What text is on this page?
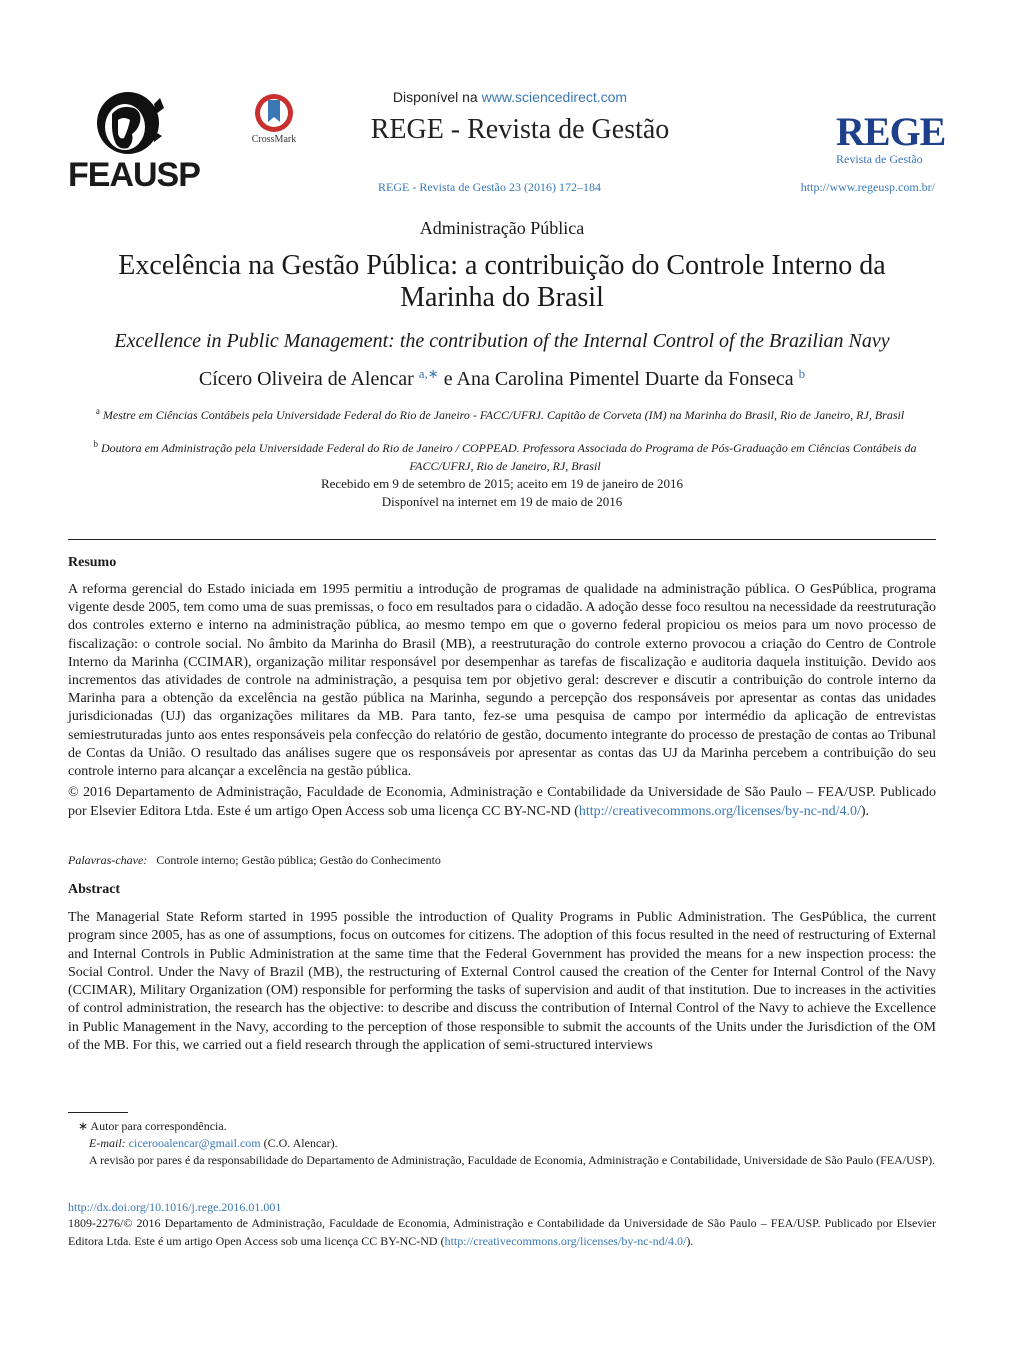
FEAUSP
CrossMark
Disponível na www.sciencedirect.com
REGE - Revista de Gestão
REGE - Revista de Gestão 23 (2016) 172–184	http://www.regeusp.com.br/
REGE
Revista de Gestão
Administração Pública
Excelência na Gestão Pública: a contribuição do Controle Interno da Marinha do Brasil
Excellence in Public Management: the contribution of the Internal Control of the Brazilian Navy
Cícero Oliveira de Alencar $^{a,∗}$ e Ana Carolina Pimentel Duarte da Fonseca $^b$
$^a$ Mestre em Ciências Contábeis pela Universidade Federal do Rio de Janeiro - FACC/UFRJ. Capitão de Corveta (IM) na Marinha do Brasil, Rio de Janeiro, RJ, Brasil
$^b$ Doutora em Administração pela Universidade Federal do Rio de Janeiro / COPPEAD. Professora Associada do Programa de Pós-Graduação em Ciências Contábeis da FACC/UFRJ, Rio de Janeiro, RJ, Brasil
Recebido em 9 de setembro de 2015; aceito em 19 de janeiro de 2016
Disponível na internet em 19 de maio de 2016
Resumo
A reforma gerencial do Estado iniciada em 1995 permitiu a introdução de programas de qualidade na administração pública. O GesPública, programa vigente desde 2005, tem como uma de suas premissas, o foco em resultados para o cidadão. A adoção desse foco resultou na necessidade da reestruturação dos controles externo e interno na administração pública, ao mesmo tempo em que o governo federal propiciou os meios para um novo processo de fiscalização: o controle social. No âmbito da Marinha do Brasil (MB), a reestruturação do controle externo provocou a criação do Centro de Controle Interno da Marinha (CCIMAR), organização militar responsável por desempenhar as tarefas de fiscalização e auditoria daquela instituição. Devido aos incrementos das atividades de controle na administração, a pesquisa tem por objetivo geral: descrever e discutir a contribuição do controle interno da Marinha para a obtenção da excelência na gestão pública na Marinha, segundo a percepção dos responsáveis por apresentar as contas das unidades jurisdicionadas (UJ) das organizações militares da MB. Para tanto, fez-se uma pesquisa de campo por intermédio da aplicação de entrevistas semiestruturadas junto aos entes responsáveis pela confecção do relatório de gestão, documento integrante do processo de prestação de contas ao Tribunal de Contas da União. O resultado das análises sugere que os responsáveis por apresentar as contas das UJ da Marinha percebem a contribuição do seu controle interno para alcançar a excelência na gestão pública.
© 2016 Departamento de Administração, Faculdade de Economia, Administração e Contabilidade da Universidade de São Paulo – FEA/USP. Publicado por Elsevier Editora Ltda. Este é um artigo Open Access sob uma licença CC BY-NC-ND (http://creativecommons.org/licenses/by-nc-nd/4.0/).
Palavras-chave: Controle interno; Gestão pública; Gestão do Conhecimento
Abstract
The Managerial State Reform started in 1995 possible the introduction of Quality Programs in Public Administration. The GesPública, the current program since 2005, has as one of assumptions, focus on outcomes for citizens. The adoption of this focus resulted in the need of restructuring of External and Internal Controls in Public Administration at the same time that the Federal Government has provided the means for a new inspection process: the Social Control. Under the Navy of Brazil (MB), the restructuring of External Control caused the creation of the Center for Internal Control of the Navy (CCIMAR), Military Organization (OM) responsible for performing the tasks of supervision and audit of that institution. Due to increases in the activities of control administration, the research has the objective: to describe and discuss the contribution of Internal Control of the Navy to achieve the Excellence in Public Management in the Navy, according to the perception of those responsible to submit the accounts of the Units under the Jurisdiction of the OM of the MB. For this, we carried out a field research through the application of semi-structured interviews
∗ Autor para correspondência.
E-mail: cicerooalencar@gmail.com (C.O. Alencar).
A revisão por pares é da responsabilidade do Departamento de Administração, Faculdade de Economia, Administração e Contabilidade, Universidade de São Paulo (FEA/USP).
http://dx.doi.org/10.1016/j.rege.2016.01.001
1809-2276/© 2016 Departamento de Administração, Faculdade de Economia, Administração e Contabilidade da Universidade de São Paulo – FEA/USP. Publicado por Elsevier Editora Ltda. Este é um artigo Open Access sob uma licença CC BY-NC-ND (http://creativecommons.org/licenses/by-nc-nd/4.0/).
